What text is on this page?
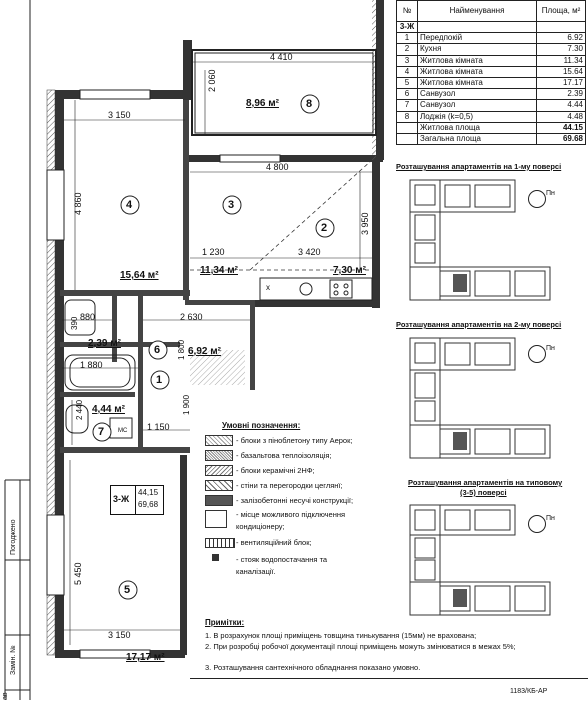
4 410
2 060
3 150
4 800
4 860
3 950
1 230	3 420
880	2 630
390
1 800
1 880
2 440	1 900
1 150
5 450
3 150
8
4	3
2
6
1
7
5
8,96 м²
15,64 м²	11,34 м²	7,30 м²
2,39 м²
6,92 м²
4,44 м²
17,17 м²
МС
х
3-Ж
44,15
69,68
№	Найменування	Площа, м²
3-Ж		
1	Передпокій	6.92
2	Кухня	7.30
3	Житлова кімната	11.34
4	Житлова кімната	15.64
5	Житлова кімната	17.17
6	Санвузол	2.39
7	Санвузол	4.44
8	Лоджія (k=0,5)	4.48
	Житлова площа	44.15
	Загальна площа	69.68
Розташування апартаментів на 1-му поверсі
Пн
Розташування апартаментів на 2-му поверсі
Пн
Розташування апартаментів на типовому
(3-5) поверсі
Пн
Умовні позначення:
- блоки з піноблетону типу Аерок;
- базальтова теплоізоляція;
- блоки керамічні 2НФ;
- стіни та перегородки цеглянї;
- залізобетонні несучі конструкції;
- місце можливого підключення
кондиціонеру;
- вентиляційний блок;
- стояк водопостачання та
каналізації.
Примітки:
1. В розрахунок площі приміщень товщина тинькування (15мм) не врахована;
2. При розробці робочої документації площі приміщень можуть змінюватися в межах 5%;
3. Розташування сантехнічного обладнання показано умовно.
1183/КБ-АР
Погоджено
Замін. №
ав
